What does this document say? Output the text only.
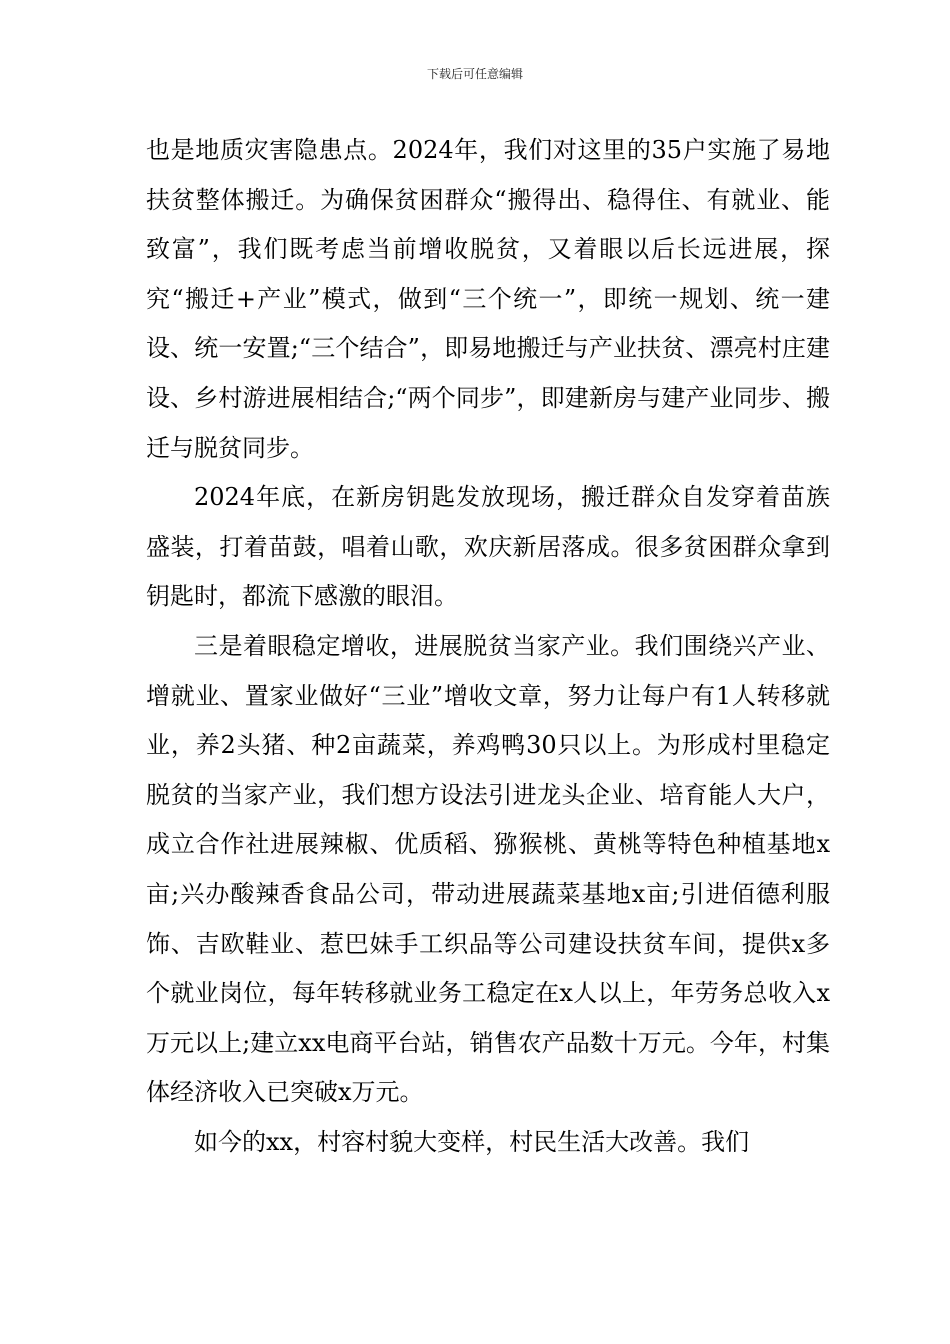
下载后可任意编辑

也是地质灾害隐患点。2024年，我们对这里的35户实施了易地扶贫整体搬迁。为确保贫困群众“搬得出、稳得住、有就业、能致富”，我们既考虑当前增收脱贫，又着眼以后长远进展，探究“搬迁+产业”模式，做到“三个统一”，即统一规划、统一建设、统一安置;“三个结合”，即易地搬迁与产业扶贫、漂亮村庄建设、乡村游进展相结合;“两个同步”，即建新房与建产业同步、搬迁与脱贫同步。

2024年底，在新房钥匙发放现场，搬迁群众自发穿着苗族盛装，打着苗鼓，唱着山歌，欢庆新居落成。很多贫困群众拿到钥匙时，都流下感激的眼泪。

三是着眼稳定增收，进展脱贫当家产业。我们围绕兴产业、增就业、置家业做好“三业”增收文章，努力让每户有1人转移就业，养2头猪、种2亩蔬菜，养鸡鸭30只以上。为形成村里稳定脱贫的当家产业，我们想方设法引进龙头企业、培育能人大户，成立合作社进展辣椒、优质稻、猕猴桃、黄桃等特色种植基地x亩;兴办酸辣香食品公司，带动进展蔬菜基地x亩;引进佰德利服饰、吉欧鞋业、惹巴妹手工织品等公司建设扶贫车间，提供x多个就业岗位，每年转移就业务工稳定在x人以上，年劳务总收入x万元以上;建立xx电商平台站，销售农产品数十万元。今年，村集体经济收入已突破x万元。

如今的xx，村容村貌大变样，村民生活大改善。我们
